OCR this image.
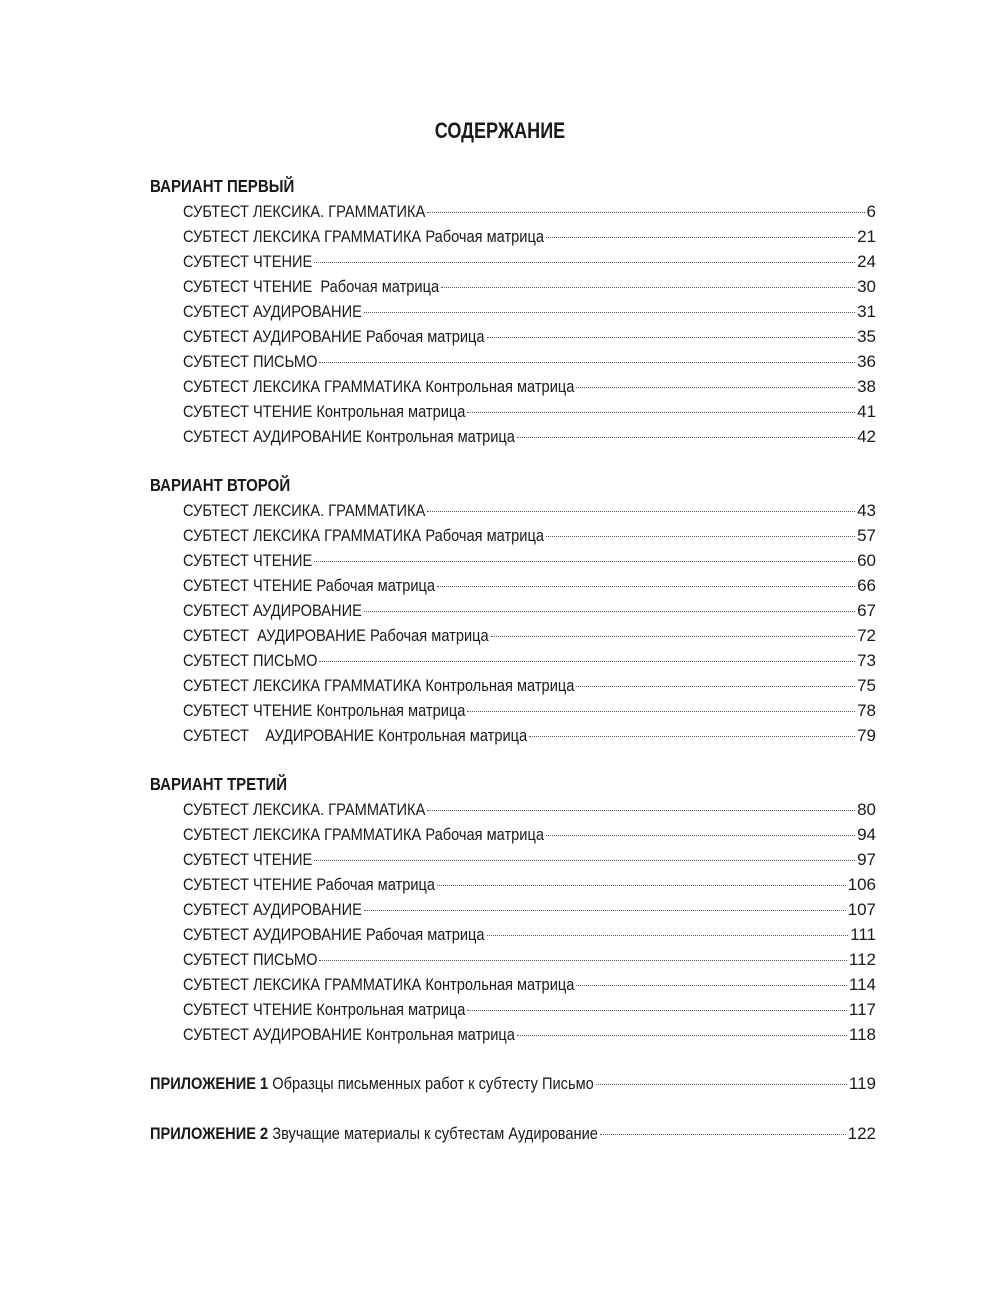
СОДЕРЖАНИЕ
ВАРИАНТ ПЕРВЫЙ
СУБТЕСТ ЛЕКСИКА. ГРАММАТИКА	6
СУБТЕСТ ЛЕКСИКА ГРАММАТИКА Рабочая матрица	21
СУБТЕСТ ЧТЕНИЕ	24
СУБТЕСТ ЧТЕНИЕ  Рабочая матрица	30
СУБТЕСТ АУДИРОВАНИЕ	31
СУБТЕСТ АУДИРОВАНИЕ Рабочая матрица	35
СУБТЕСТ ПИСЬМО	36
СУБТЕСТ ЛЕКСИКА ГРАММАТИКА Контрольная матрица	38
СУБТЕСТ ЧТЕНИЕ Контрольная матрица	41
СУБТЕСТ АУДИРОВАНИЕ Контрольная матрица	42
ВАРИАНТ ВТОРОЙ
СУБТЕСТ ЛЕКСИКА. ГРАММАТИКА	43
СУБТЕСТ ЛЕКСИКА ГРАММАТИКА Рабочая матрица	57
СУБТЕСТ ЧТЕНИЕ	60
СУБТЕСТ ЧТЕНИЕ Рабочая матрица	66
СУБТЕСТ АУДИРОВАНИЕ	67
СУБТЕСТ  АУДИРОВАНИЕ Рабочая матрица	72
СУБТЕСТ ПИСЬМО	73
СУБТЕСТ ЛЕКСИКА ГРАММАТИКА Контрольная матрица	75
СУБТЕСТ ЧТЕНИЕ Контрольная матрица	78
СУБТЕСТ    АУДИРОВАНИЕ Контрольная матрица	79
ВАРИАНТ ТРЕТИЙ
СУБТЕСТ ЛЕКСИКА. ГРАММАТИКА	80
СУБТЕСТ ЛЕКСИКА ГРАММАТИКА Рабочая матрица	94
СУБТЕСТ ЧТЕНИЕ	97
СУБТЕСТ ЧТЕНИЕ Рабочая матрица	106
СУБТЕСТ АУДИРОВАНИЕ	107
СУБТЕСТ АУДИРОВАНИЕ Рабочая матрица	111
СУБТЕСТ ПИСЬМО	112
СУБТЕСТ ЛЕКСИКА ГРАММАТИКА Контрольная матрица	114
СУБТЕСТ ЧТЕНИЕ Контрольная матрица	117
СУБТЕСТ АУДИРОВАНИЕ Контрольная матрица	118
ПРИЛОЖЕНИЕ 1 Образцы письменных работ к субтесту Письмо	119
ПРИЛОЖЕНИЕ 2 Звучащие материалы к субтестам Аудирование	122
